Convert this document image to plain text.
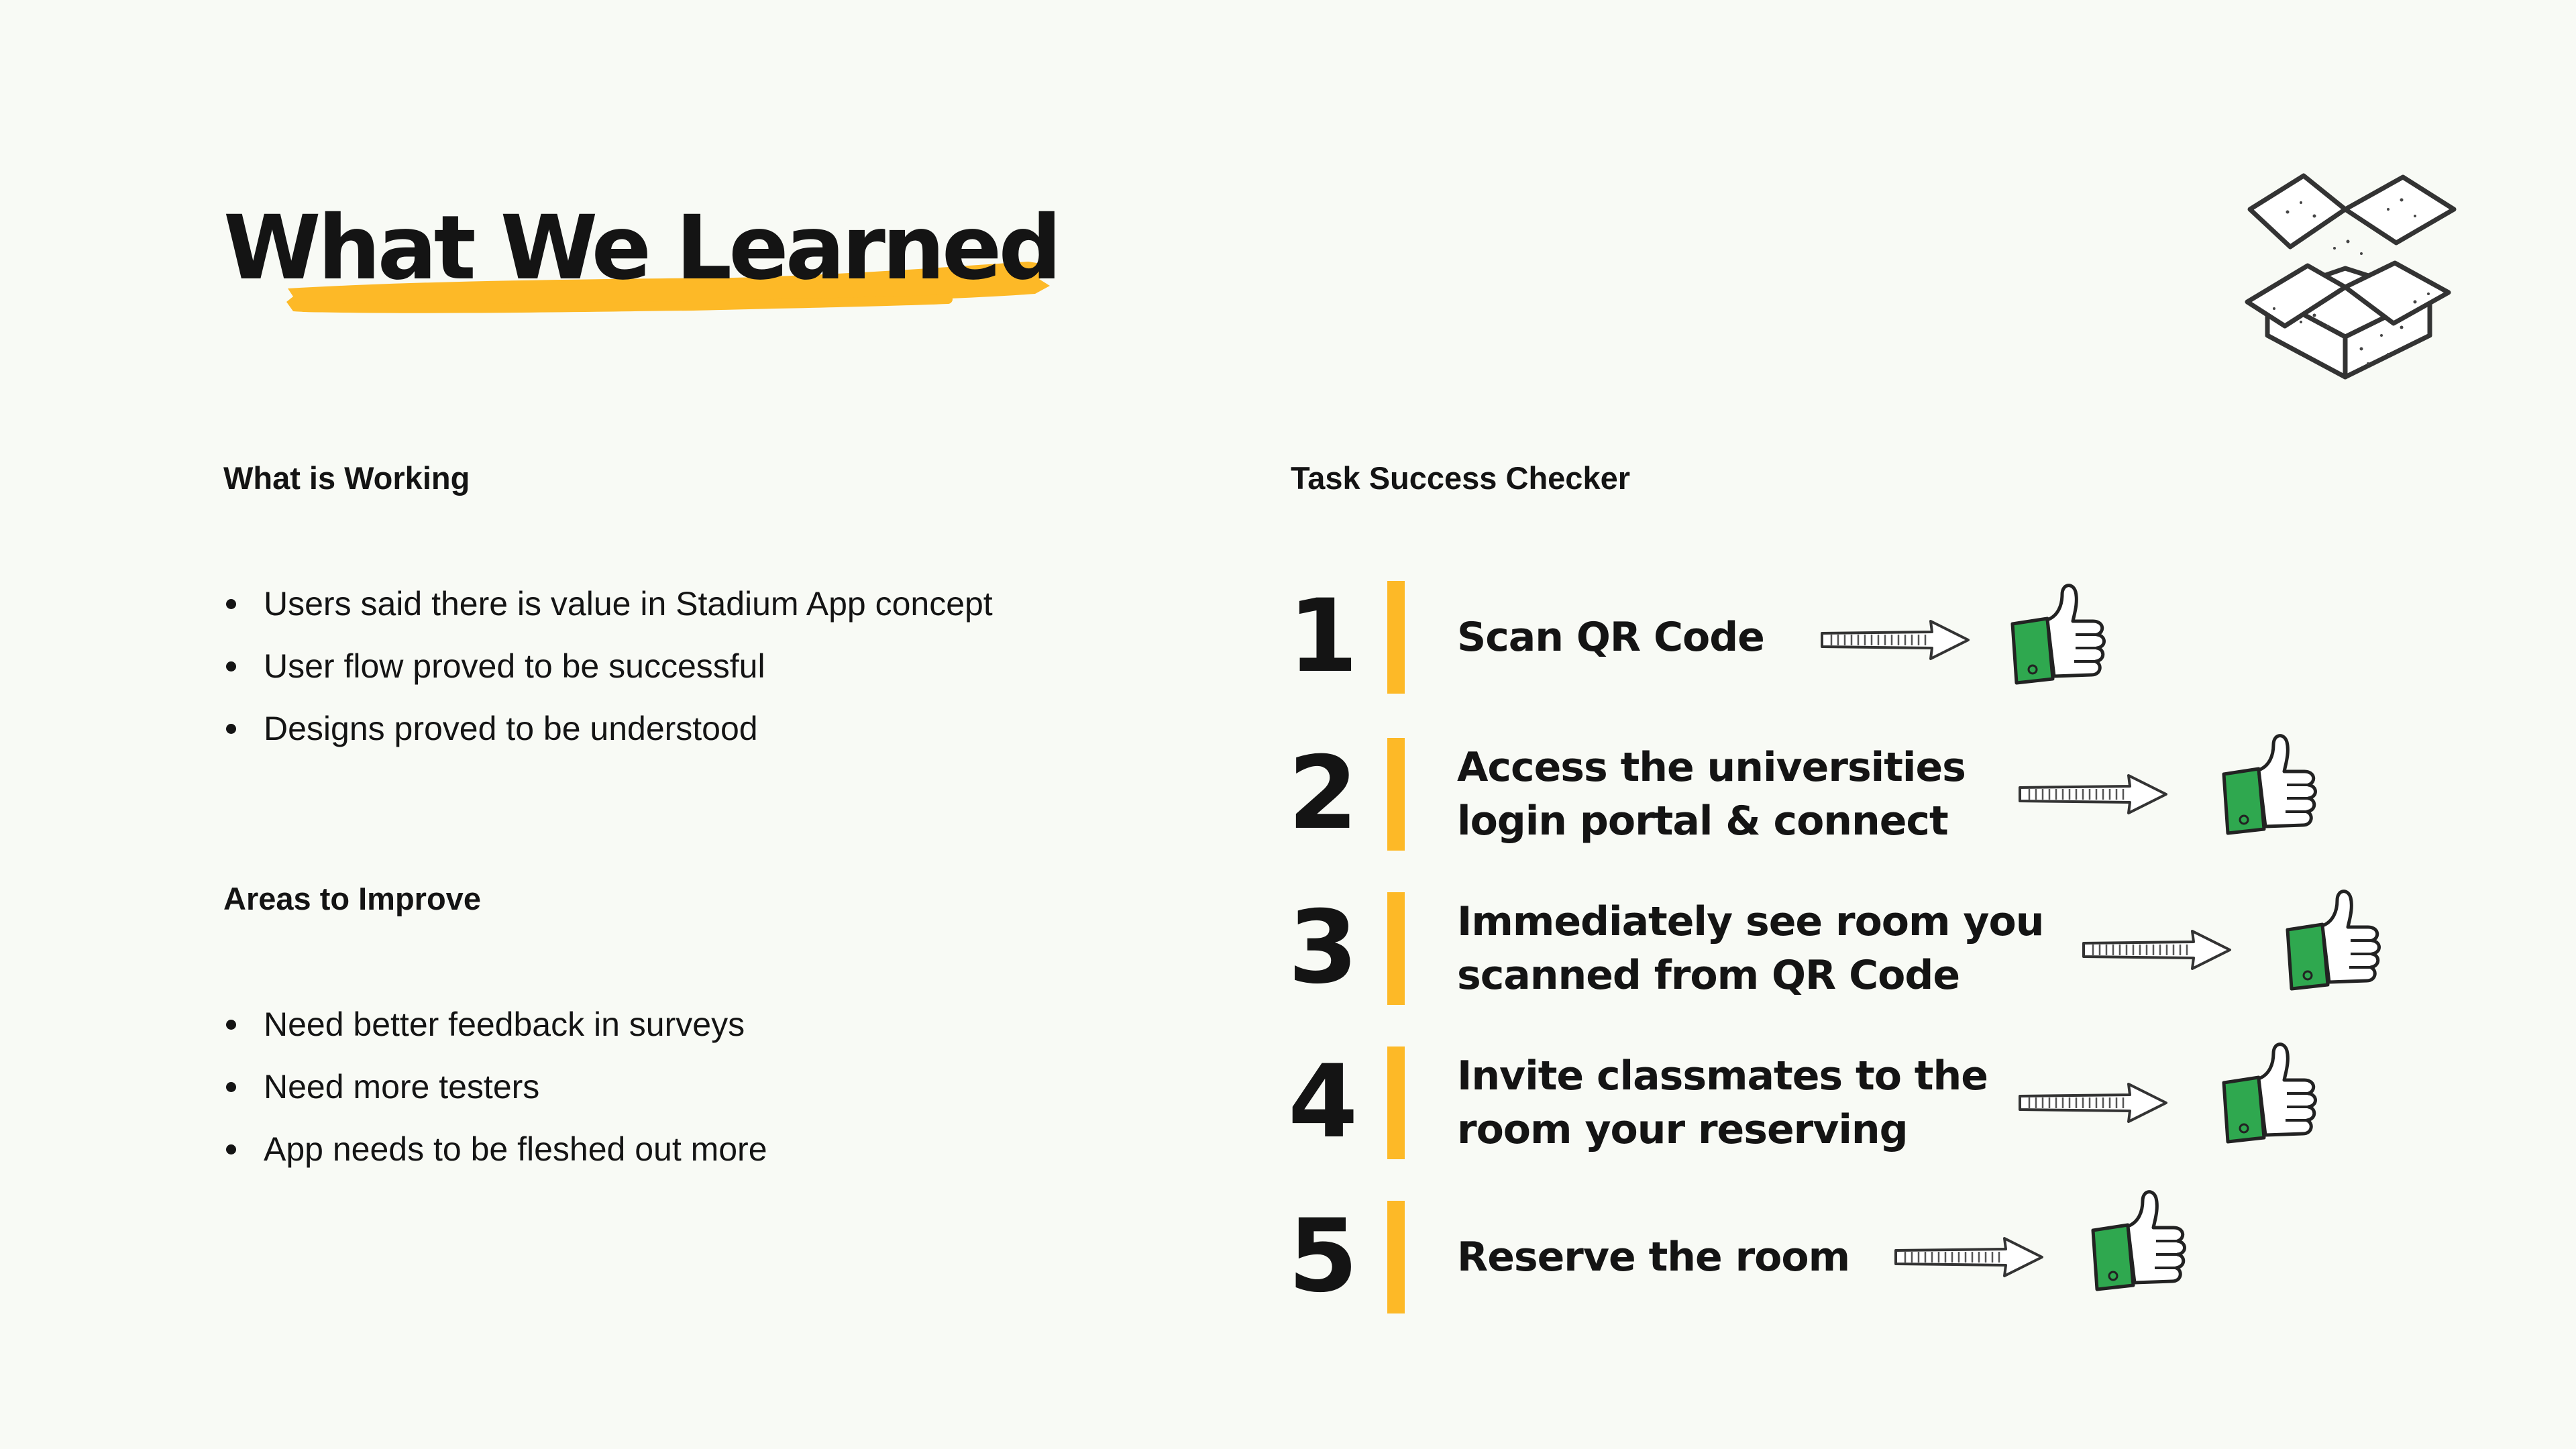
What We Learned
What is Working
Users said there is value in Stadium App concept
User flow proved to be successful
Designs proved to be understood
Areas to Improve
Need better feedback in surveys
Need more testers
App needs to be fleshed out more
Task Success Checker
1 Scan QR Code
2 Access the universities
login portal & connect
3 Immediately see room you
scanned from QR Code
4 Invite classmates to the
room your reserving
5 Reserve the room
